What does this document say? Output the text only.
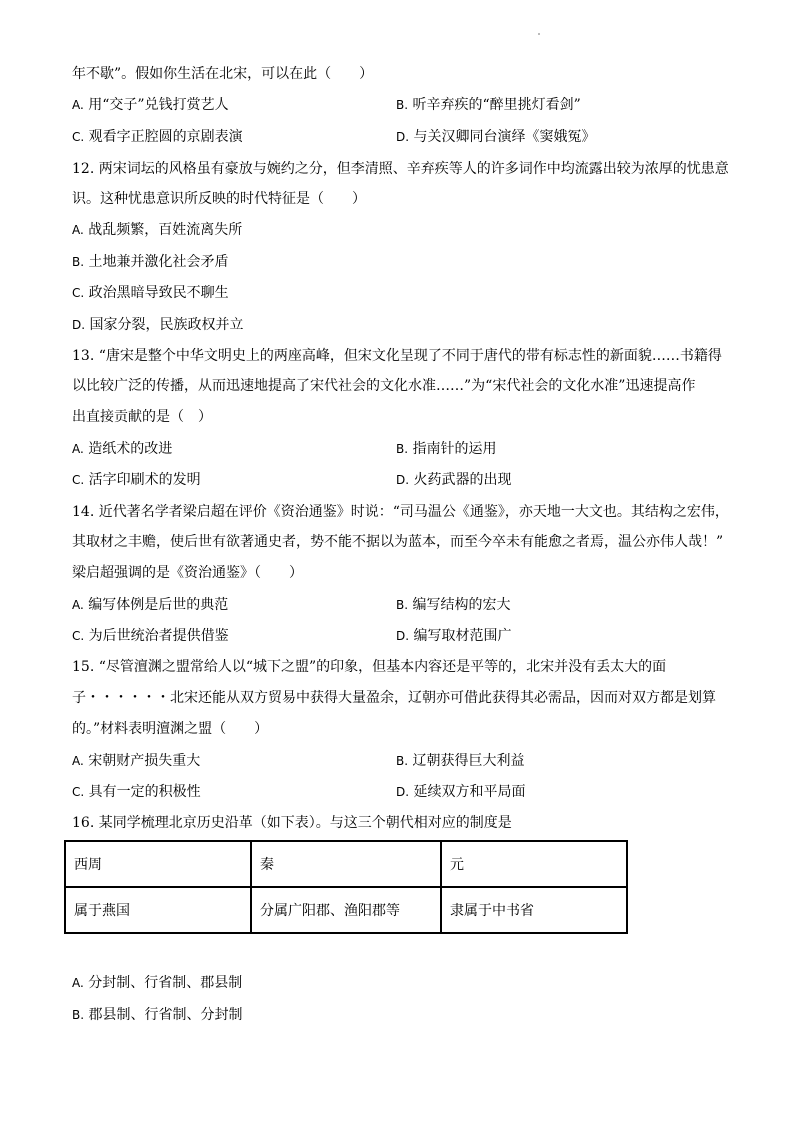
年不歇”。假如你生活在北宋，可以在此（　　）
A. 用“交子”兑钱打赏艺人	B. 听辛弃疾的“醉里挑灯看剑”
C. 观看字正腔圆的京剧表演	D. 与关汉卿同台演绎《窦娥冤》
12. 两宋词坛的风格虽有豪放与婉约之分，但李清照、辛弃疾等人的许多词作中均流露出较为浓厚的忧患意
识。这种忧患意识所反映的时代特征是（　　）
A. 战乱频繁，百姓流离失所
B. 土地兼并激化社会矛盾
C. 政治黑暗导致民不聊生
D. 国家分裂，民族政权并立
13. “唐宋是整个中华文明史上的两座高峰，但宋文化呈现了不同于唐代的带有标志性的新面貌……书籍得
以比较广泛的传播，从而迅速地提高了宋代社会的文化水准……”为“宋代社会的文化水准”迅速提高作
出直接贡献的是（　）
A. 造纸术的改进	B. 指南针的运用
C. 活字印刷术的发明	D. 火药武器的出现
14. 近代著名学者梁启超在评价《资治通鉴》时说：“司马温公《通鉴》，亦天地一大文也。其结构之宏伟，
其取材之丰赡，使后世有欲著通史者，势不能不据以为蓝本，而至今卒未有能愈之者焉，温公亦伟人哉！”
梁启超强调的是《资治通鉴》（　　）
A. 编写体例是后世的典范	B. 编写结构的宏大
C. 为后世统治者提供借鉴	D. 编写取材范围广
15. “尽管澶渊之盟常给人以“城下之盟”的印象，但基本内容还是平等的，北宋并没有丢太大的面
子・・・・・・北宋还能从双方贸易中获得大量盈余，辽朝亦可借此获得其必需品，因而对双方都是划算
的。”材料表明澶渊之盟（　　）
A. 宋朝财产损失重大	B. 辽朝获得巨大利益
C. 具有一定的积极性	D. 延续双方和平局面
16. 某同学梳理北京历史沿革（如下表）。与这三个朝代相对应的制度是
西周	秦	元
属于燕国	分属广阳郡、渔阳郡等	隶属于中书省
A. 分封制、行省制、郡县制
B. 郡县制、行省制、分封制
